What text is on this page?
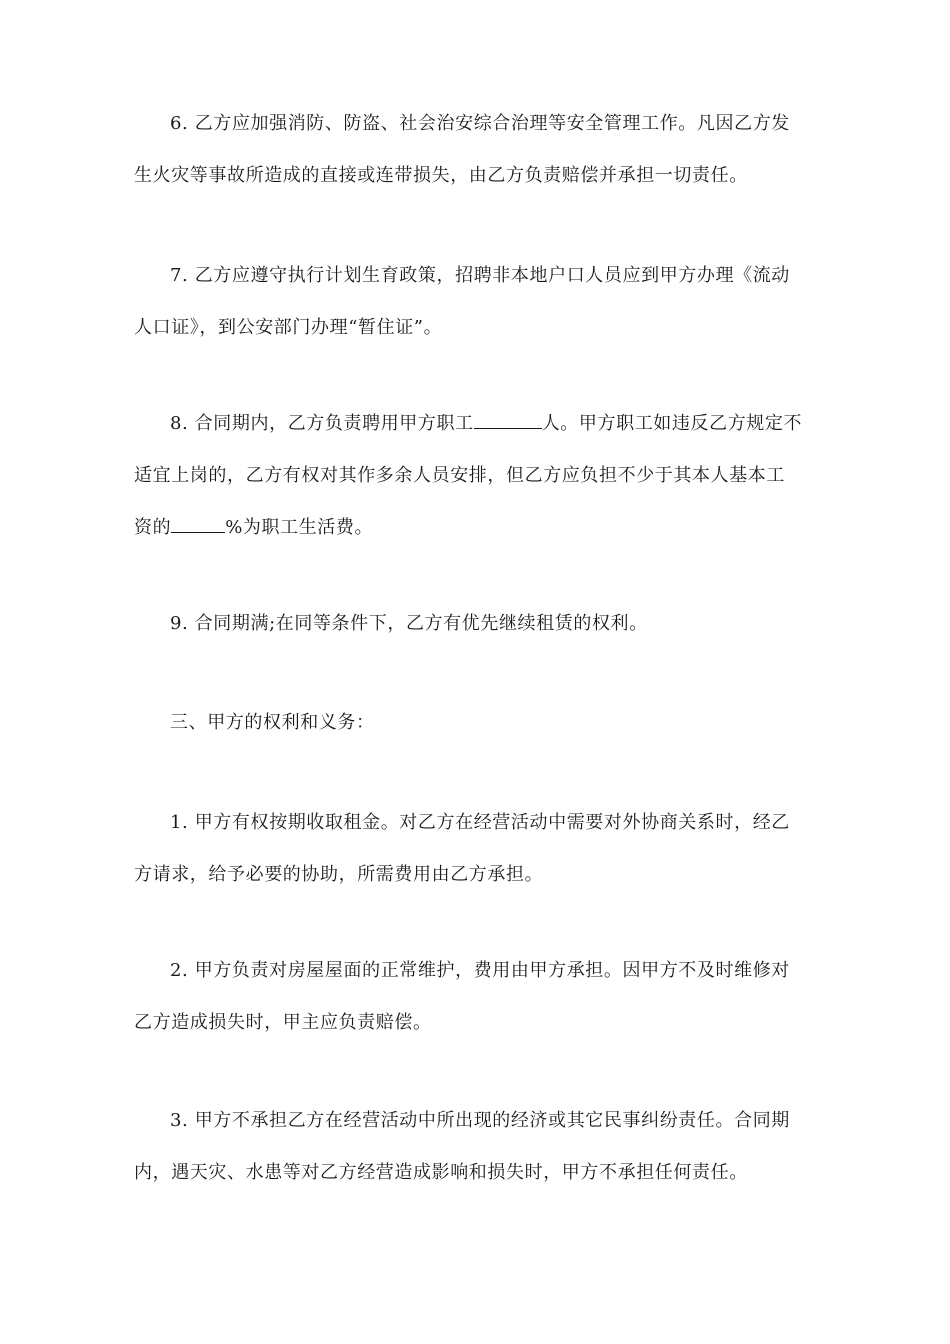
6. 乙方应加强消防、防盗、社会治安综合治理等安全管理工作。凡因乙方发
生火灾等事故所造成的直接或连带损失，由乙方负责赔偿并承担一切责任。
7. 乙方应遵守执行计划生育政策，招聘非本地户口人员应到甲方办理《流动
人口证》，到公安部门办理“暂住证”。
8. 合同期内，乙方负责聘用甲方职工	人。甲方职工如违反乙方规定不
适宜上岗的，乙方有权对其作多余人员安排，但乙方应负担不少于其本人基本工
资的	%为职工生活费。
9. 合同期满;在同等条件下，乙方有优先继续租赁的权利。
三、甲方的权利和义务：
1. 甲方有权按期收取租金。对乙方在经营活动中需要对外协商关系时，经乙
方请求，给予必要的协助，所需费用由乙方承担。
2. 甲方负责对房屋屋面的正常维护，费用由甲方承担。因甲方不及时维修对
乙方造成损失时，甲主应负责赔偿。
3. 甲方不承担乙方在经营活动中所出现的经济或其它民事纠纷责任。合同期
内，遇天灾、水患等对乙方经营造成影响和损失时，甲方不承担任何责任。
